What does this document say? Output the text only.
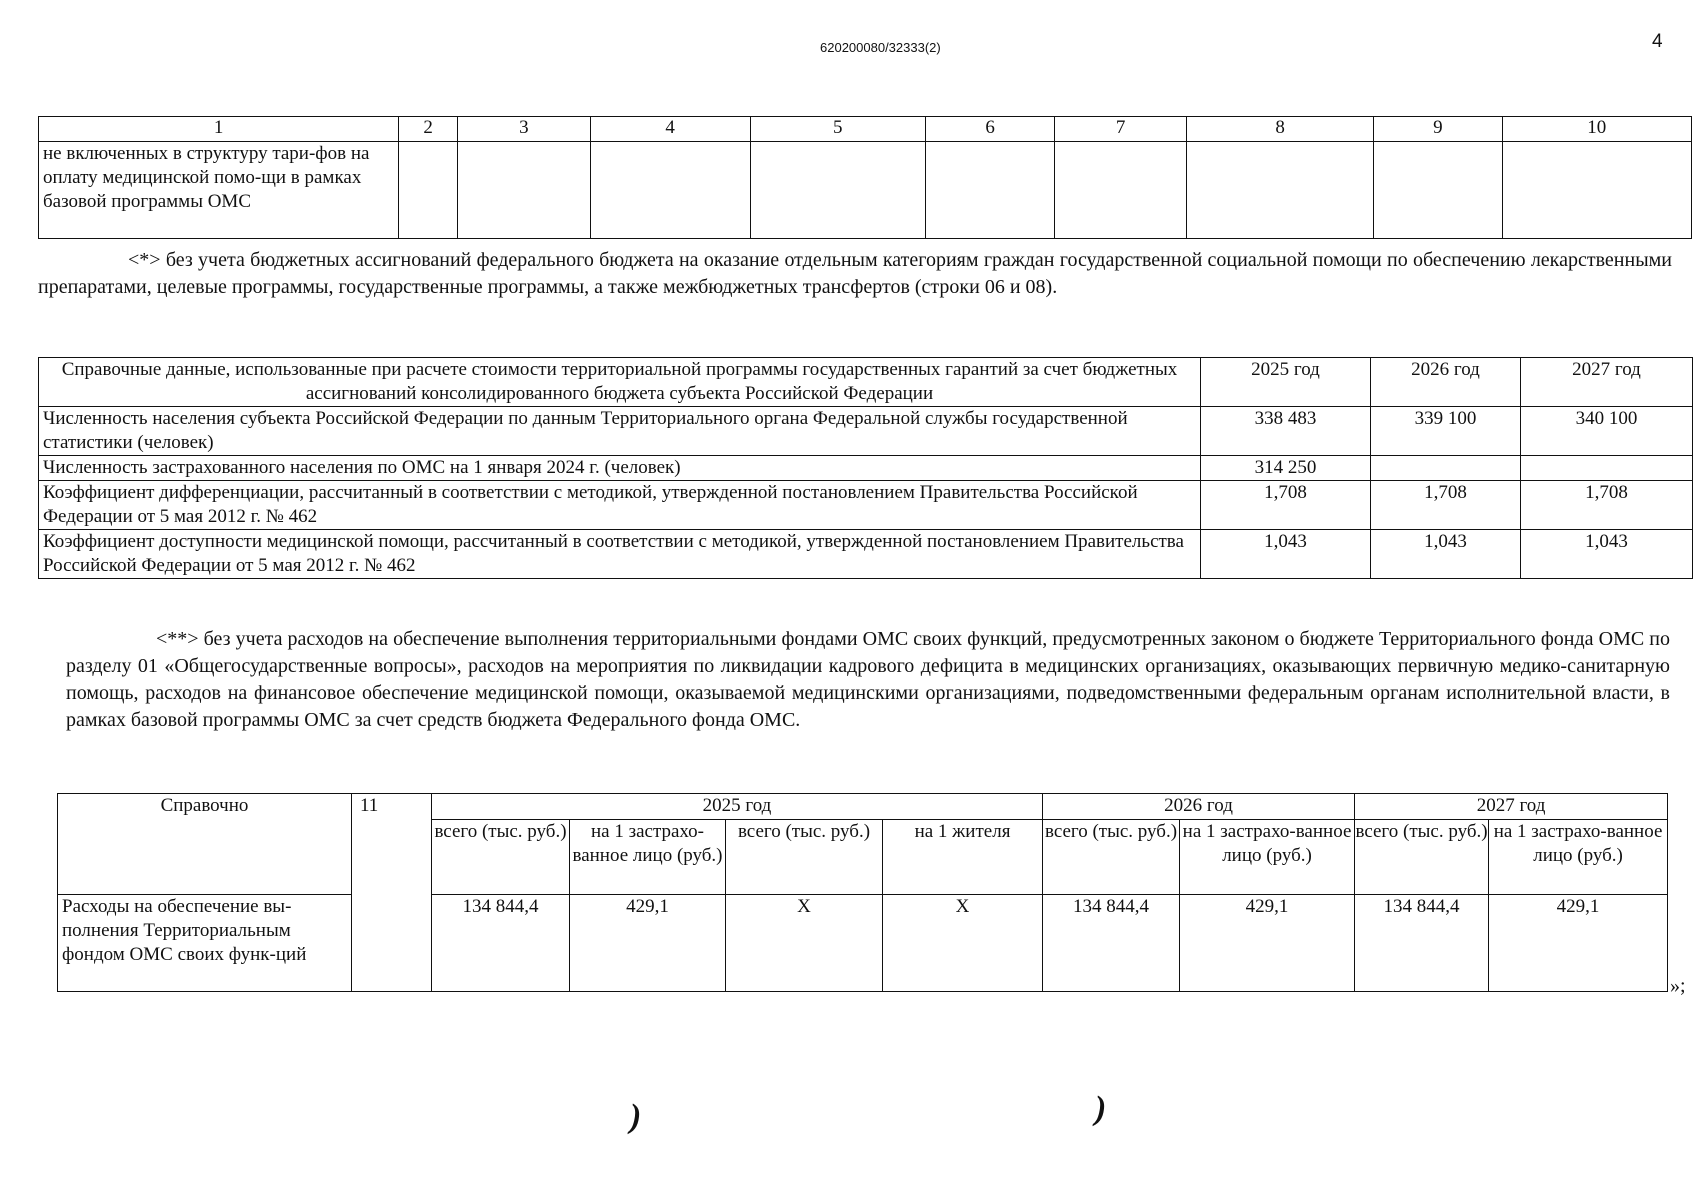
620200080/32333(2)	4
1	2	3	4	5	6	7	8	9	10

не включенных в структуру тари-фов на оплату медицинской помо-щи в рамках базовой программы ОМС									

<*> без учета бюджетных ассигнований федерального бюджета на оказание отдельным категориям граждан государственной социальной помощи по обеспечению лекарственными препаратами, целевые программы, государственные программы, а также межбюджетных трансфертов (строки 06 и 08).
Справочные данные, использованные при расчете стоимости территориальной программы государственных гарантий за счет бюджетных ассигнований консолидированного бюджета субъекта Российской Федерации	2025 год	2026 год	2027 год
Численность населения субъекта Российской Федерации по данным Территориального органа Федеральной службы государственной статистики (человек)	338 483	339 100	340 100
Численность застрахованного населения по ОМС на 1 января 2024 г. (человек)	314 250		
Коэффициент дифференциации, рассчитанный в соответствии с методикой, утвержденной постановлением Правительства Российской Федерации от 5 мая 2012 г. № 462	1,708	1,708	1,708
Коэффициент доступности медицинской помощи, рассчитанный в соответствии с методикой, утвержденной постановлением Правительства Российской Федерации от 5 мая 2012 г. № 462	1,043	1,043	1,043
<**> без учета расходов на обеспечение выполнения территориальными фондами ОМС своих функций, предусмотренных законом о бюджете Территориального фонда ОМС по разделу 01 «Общегосударственные вопросы», расходов на мероприятия по ликвидации кадрового дефицита в медицинских организациях, оказывающих первичную медико-санитарную помощь, расходов на финансовое обеспечение медицинской помощи, оказываемой медицинскими организациями, подведомственными федеральным органам исполнительной власти, в рамках базовой программы ОМС за счет средств бюджета Федерального фонда ОМС.
Справочно	11	2025 год				2026 год		2027 год	
		всего (тыс. руб.)	на 1 застрахо-ванное лицо (руб.)	всего (тыс. руб.)	на 1 жителя	всего (тыс. руб.)	на 1 застрахо-ванное лицо (руб.)	всего (тыс. руб.)	на 1 застрахо-ванное лицо (руб.)
Расходы на обеспечение вы-полнения Территориальным фондом ОМС своих функ-ций		134 844,4	429,1	X	X	134 844,4	429,1	134 844,4	429,1
»;
)	)
